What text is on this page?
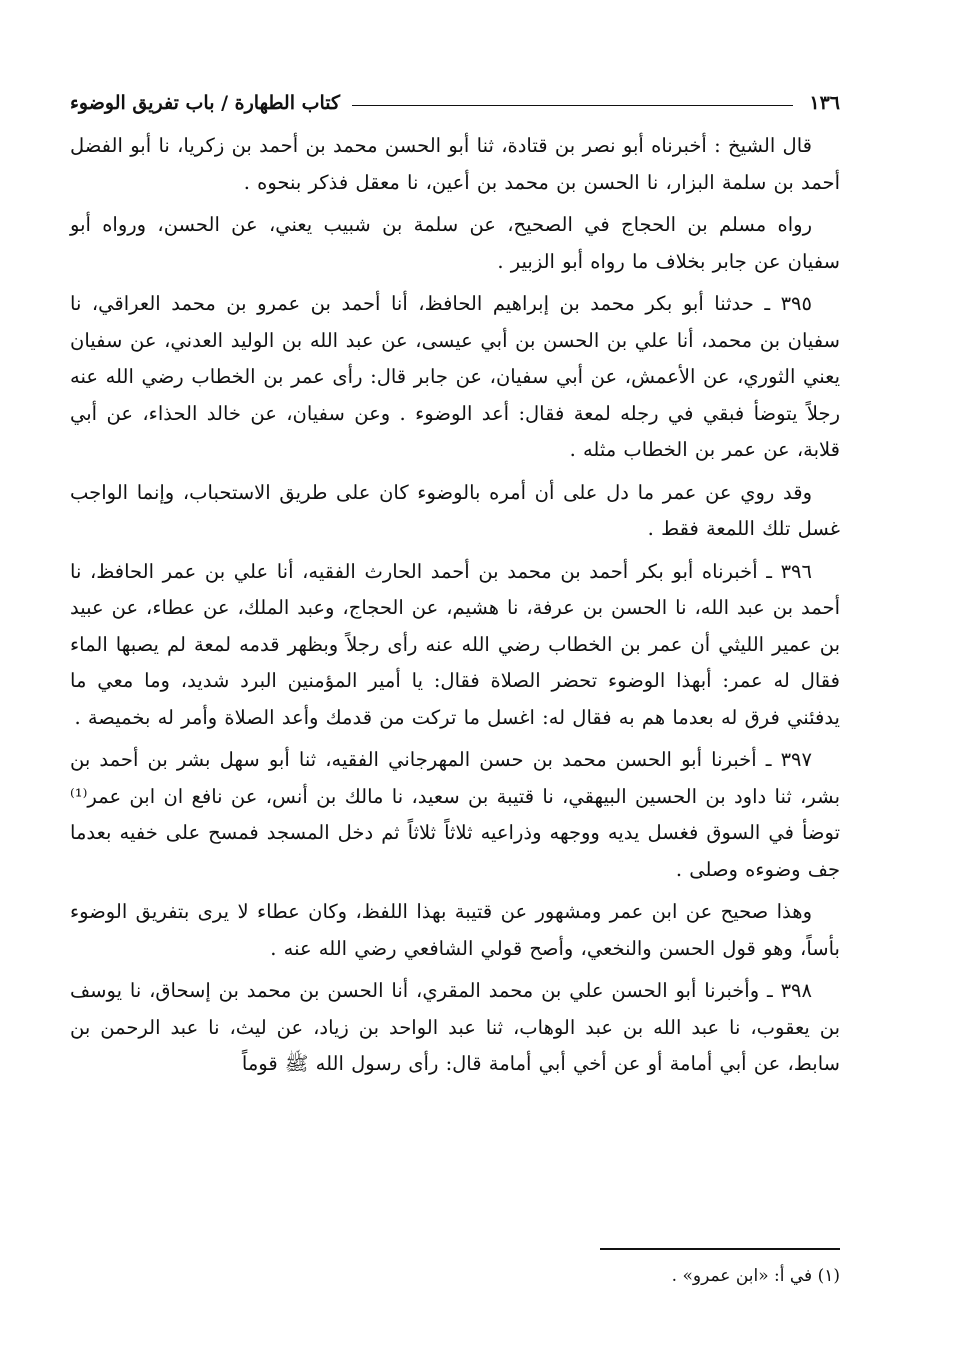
١٣٦
كتاب الطهارة / باب تفريق الوضوء

قال الشيخ : أخبرناه أبو نصر بن قتادة، ثنا أبو الحسن محمد بن أحمد بن زكريا، نا أبو الفضل أحمد بن سلمة البزار، نا الحسن بن محمد بن أعين، نا معقل فذكر بنحوه .

رواه مسلم بن الحجاج في الصحيح، عن سلمة بن شبيب يعني، عن الحسن، ورواه أبو سفيان عن جابر بخلاف ما رواه أبو الزبير .

٣٩٥ ـ حدثنا أبو بكر محمد بن إبراهيم الحافظ، أنا أحمد بن عمرو بن محمد العراقي، نا سفيان بن محمد، أنا علي بن الحسن بن أبي عيسى، عن عبد الله بن الوليد العدني، عن سفيان يعني الثوري، عن الأعمش، عن أبي سفيان، عن جابر قال: رأى عمر بن الخطاب رضي الله عنه رجلاً يتوضأ فبقي في رجله لمعة فقال: أعد الوضوء . وعن سفيان، عن خالد الحذاء، عن أبي قلابة، عن عمر بن الخطاب مثله .

وقد روي عن عمر ما دل على أن أمره بالوضوء كان على طريق الاستحباب، وإنما الواجب غسل تلك اللمعة فقط .

٣٩٦ ـ أخبرناه أبو بكر أحمد بن محمد بن أحمد الحارث الفقيه، أنا علي بن عمر الحافظ، نا أحمد بن عبد الله، نا الحسن بن عرفة، نا هشيم، عن الحجاج، وعبد الملك، عن عطاء، عن عبيد بن عمير الليثي أن عمر بن الخطاب رضي الله عنه رأى رجلاً وبظهر قدمه لمعة لم يصبها الماء فقال له عمر: أبهذا الوضوء تحضر الصلاة فقال: يا أمير المؤمنين البرد شديد، وما معي ما يدفئني فرق له بعدما هم به فقال له: اغسل ما تركت من قدمك وأعد الصلاة وأمر له بخميصة .

٣٩٧ ـ أخبرنا أبو الحسن محمد بن حسن المهرجاني الفقيه، ثنا أبو سهل بشر بن أحمد بن بشر، ثنا داود بن الحسين البيهقي، نا قتيبة بن سعيد، نا مالك بن أنس، عن نافع ان ابن عمر⁽¹⁾ توضأ في السوق فغسل يديه ووجهه وذراعيه ثلاثاً ثلاثاً ثم دخل المسجد فمسح على خفيه بعدما جف وضوءه وصلى .

وهذا صحيح عن ابن عمر ومشهور عن قتيبة بهذا اللفظ، وكان عطاء لا يرى بتفريق الوضوء بأساً، وهو قول الحسن والنخعي، وأصح قولي الشافعي رضي الله عنه .

٣٩٨ ـ وأخبرنا أبو الحسن علي بن محمد المقري، أنا الحسن بن محمد بن إسحاق، نا يوسف بن يعقوب، نا عبد الله بن عبد الوهاب، ثنا عبد الواحد بن زياد، عن ليث، نا عبد الرحمن بن سابط، عن أبي أمامة أو عن أخي أبي أمامة قال: رأى رسول الله ﷺ قوماً

(١) في أ: «ابن عمرو» .
